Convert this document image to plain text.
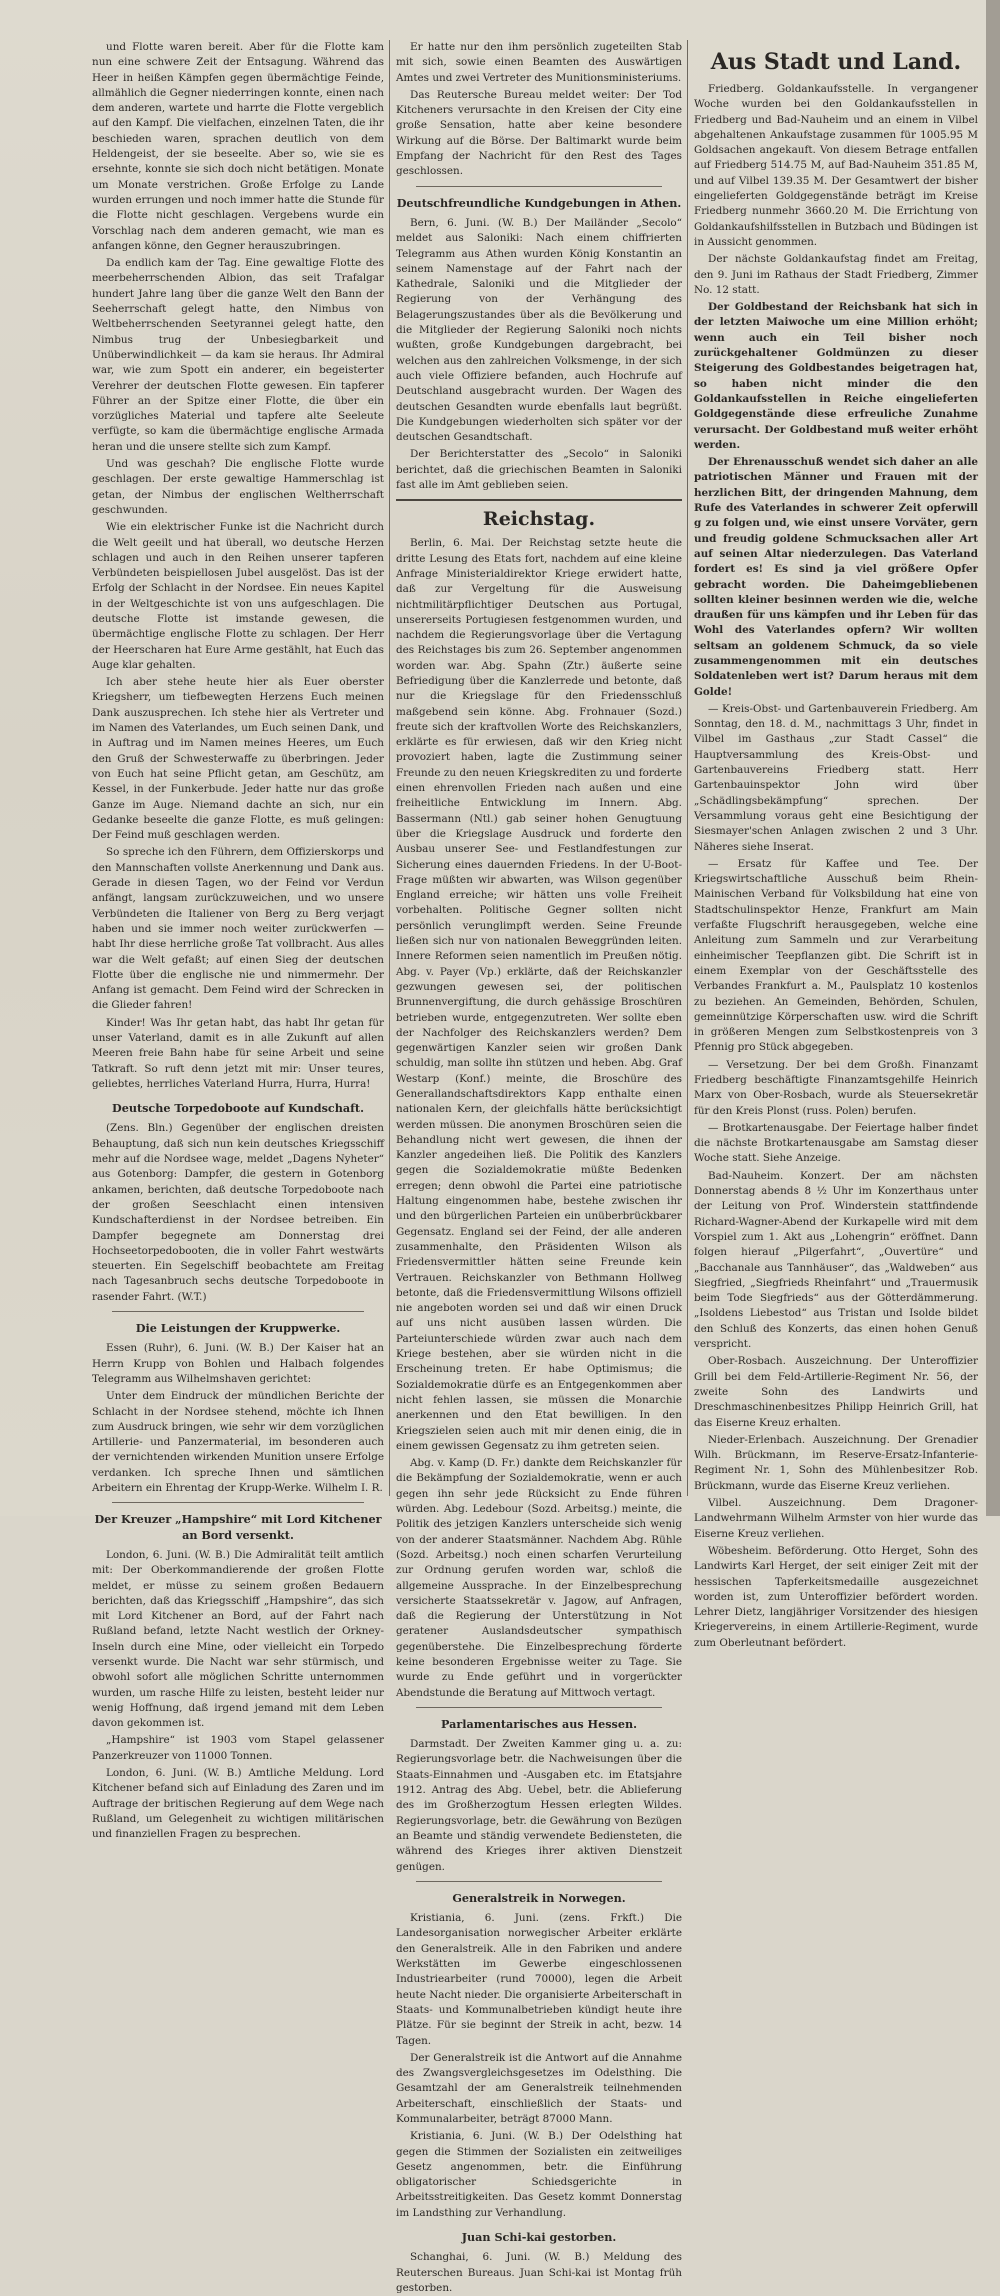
und Flotte waren bereit. Aber für die Flotte kam nun eine schwere Zeit der Entsagung. Während das Heer in heißen Kämpfen gegen übermächtige Feinde, allmählich die Gegner niederringen konnte, einen nach dem anderen, wartete und harrte die Flotte vergeblich auf den Kampf. Die vielfachen, einzelnen Taten, die ihr beschieden waren, sprachen deutlich von dem Heldengeist, der sie beseelte. Aber so, wie sie es ersehnte, konnte sie sich doch nicht betätigen. Monate um Monate verstrichen. Große Erfolge zu Lande wurden errungen und noch immer hatte die Stunde für die Flotte nicht geschlagen. Vergebens wurde ein Vorschlag nach dem anderen gemacht, wie man es anfangen könne, den Gegner herauszubringen.

Da endlich kam der Tag. Eine gewaltige Flotte des meerbeherrschenden Albion, das seit Trafalgar hundert Jahre lang über die ganze Welt den Bann der Seeherrschaft gelegt hatte, den Nimbus von Weltbeherrschenden Seetyrannei gelegt hatte, den Nimbus trug der Unbesiegbarkeit und Unüberwindlichkeit — da kam sie heraus. Ihr Admiral war, wie zum Spott ein anderer, ein begeisterter Verehrer der deutschen Flotte gewesen. Ein tapferer Führer an der Spitze einer Flotte, die über ein vorzügliches Material und tapfere alte Seeleute verfügte, so kam die übermächtige englische Armada heran und die unsere stellte sich zum Kampf.

Und was geschah? Die englische Flotte wurde geschlagen. Der erste gewaltige Hammerschlag ist getan, der Nimbus der englischen Weltherrschaft geschwunden.

Wie ein elektrischer Funke ist die Nachricht durch die Welt geeilt und hat überall, wo deutsche Herzen schlagen und auch in den Reihen unserer tapferen Verbündeten beispiellosen Jubel ausgelöst. Das ist der Erfolg der Schlacht in der Nordsee. Ein neues Kapitel in der Weltgeschichte ist von uns aufgeschlagen. Die deutsche Flotte ist imstande gewesen, die übermächtige englische Flotte zu schlagen. Der Herr der Heerscharen hat Eure Arme gestählt, hat Euch das Auge klar gehalten.

Ich aber stehe heute hier als Euer oberster Kriegsherr, um tiefbewegten Herzens Euch meinen Dank auszusprechen. Ich stehe hier als Vertreter und im Namen des Vaterlandes, um Euch seinen Dank, und in Auftrag und im Namen meines Heeres, um Euch den Gruß der Schwesterwaffe zu überbringen. Jeder von Euch hat seine Pflicht getan, am Geschütz, am Kessel, in der Funkerbude. Jeder hatte nur das große Ganze im Auge. Niemand dachte an sich, nur ein Gedanke beseelte die ganze Flotte, es muß gelingen: Der Feind muß geschlagen werden.

So spreche ich den Führern, dem Offizierskorps und den Mannschaften vollste Anerkennung und Dank aus. Gerade in diesen Tagen, wo der Feind vor Verdun anfängt, langsam zurückzuweichen, und wo unsere Verbündeten die Italiener von Berg zu Berg verjagt haben und sie immer noch weiter zurückwerfen — habt Ihr diese herrliche große Tat vollbracht. Aus alles war die Welt gefaßt; auf einen Sieg der deutschen Flotte über die englische nie und nimmermehr. Der Anfang ist gemacht. Dem Feind wird der Schrecken in die Glieder fahren!

Kinder! Was Ihr getan habt, das habt Ihr getan für unser Vaterland, damit es in alle Zukunft auf allen Meeren freie Bahn habe für seine Arbeit und seine Tatkraft. So ruft denn jetzt mit mir: Unser teures, geliebtes, herrliches Vaterland Hurra, Hurra, Hurra!

Deutsche Torpedoboote auf Kundschaft.

(Zens. Bln.) Gegenüber der englischen dreisten Behauptung, daß sich nun kein deutsches Kriegsschiff mehr auf die Nordsee wage, meldet „Dagens Nyheter“ aus Gotenborg: Dampfer, die gestern in Gotenborg ankamen, berichten, daß deutsche Torpedoboote nach der großen Seeschlacht einen intensiven Kundschafterdienst in der Nordsee betreiben. Ein Dampfer begegnete am Donnerstag drei Hochseetorpedobooten, die in voller Fahrt westwärts steuerten. Ein Segelschiff beobachtete am Freitag nach Tagesanbruch sechs deutsche Torpedoboote in rasender Fahrt. (W.T.)

Die Leistungen der Kruppwerke.

Essen (Ruhr), 6. Juni. (W. B.) Der Kaiser hat an Herrn Krupp von Bohlen und Halbach folgendes Telegramm aus Wilhelmshaven gerichtet:

Unter dem Eindruck der mündlichen Berichte der Schlacht in der Nordsee stehend, möchte ich Ihnen zum Ausdruck bringen, wie sehr wir dem vorzüglichen Artillerie- und Panzermaterial, im besonderen auch der vernichtenden wirkenden Munition unsere Erfolge verdanken. Ich spreche Ihnen und sämtlichen Arbeitern ein Ehrentag der Krupp-Werke. Wilhelm I. R.

Der Kreuzer „Hampshire“ mit Lord Kitchener an Bord versenkt.

London, 6. Juni. (W. B.) Die Admiralität teilt amtlich mit: Der Oberkommandierende der großen Flotte meldet, er müsse zu seinem großen Bedauern berichten, daß das Kriegsschiff „Hampshire“, das sich mit Lord Kitchener an Bord, auf der Fahrt nach Rußland befand, letzte Nacht westlich der Orkney-Inseln durch eine Mine, oder vielleicht ein Torpedo versenkt wurde. Die Nacht war sehr stürmisch, und obwohl sofort alle möglichen Schritte unternommen wurden, um rasche Hilfe zu leisten, besteht leider nur wenig Hoffnung, daß irgend jemand mit dem Leben davon gekommen ist.

„Hampshire“ ist 1903 vom Stapel gelassener Panzerkreuzer von 11000 Tonnen.

London, 6. Juni. (W. B.) Amtliche Meldung. Lord Kitchener befand sich auf Einladung des Zaren und im Auftrage der britischen Regierung auf dem Wege nach Rußland, um Gelegenheit zu wichtigen militärischen und finanziellen Fragen zu besprechen.

Er hatte nur den ihm persönlich zugeteilten Stab mit sich, sowie einen Beamten des Auswärtigen Amtes und zwei Vertreter des Munitionsministeriums.

Das Reutersche Bureau meldet weiter: Der Tod Kitcheners verursachte in den Kreisen der City eine große Sensation, hatte aber keine besondere Wirkung auf die Börse. Der Baltimarkt wurde beim Empfang der Nachricht für den Rest des Tages geschlossen.

Deutschfreundliche Kundgebungen in Athen.

Bern, 6. Juni. (W. B.) Der Mailänder „Secolo“ meldet aus Saloniki: Nach einem chiffrierten Telegramm aus Athen wurden König Konstantin an seinem Namenstage auf der Fahrt nach der Kathedrale, Saloniki und die Mitglieder der Regierung von der Verhängung des Belagerungszustandes über als die Bevölkerung und die Mitglieder der Regierung Saloniki noch nichts wußten, große Kundgebungen dargebracht, bei welchen aus den zahlreichen Volksmenge, in der sich auch viele Offiziere befanden, auch Hochrufe auf Deutschland ausgebracht wurden. Der Wagen des deutschen Gesandten wurde ebenfalls laut begrüßt. Die Kundgebungen wiederholten sich später vor der deutschen Gesandtschaft.

Der Berichterstatter des „Secolo“ in Saloniki berichtet, daß die griechischen Beamten in Saloniki fast alle im Amt geblieben seien.

Reichstag.

Berlin, 6. Mai. Der Reichstag setzte heute die dritte Lesung des Etats fort, nachdem auf eine kleine Anfrage Ministerialdirektor Kriege erwidert hatte, daß zur Vergeltung für die Ausweisung nichtmilitärpflichtiger Deutschen aus Portugal, unsererseits Portugiesen festgenommen wurden, und nachdem die Regierungsvorlage über die Vertagung des Reichstages bis zum 26. September angenommen worden war. Abg. Spahn (Ztr.) äußerte seine Befriedigung über die Kanzlerrede und betonte, daß nur die Kriegslage für den Friedensschluß maßgebend sein könne. Abg. Frohnauer (Sozd.) freute sich der kraftvollen Worte des Reichskanzlers, erklärte es für erwiesen, daß wir den Krieg nicht provoziert haben, lagte die Zustimmung seiner Freunde zu den neuen Kriegskrediten zu und forderte einen ehrenvollen Frieden nach außen und eine freiheitliche Entwicklung im Innern. Abg. Bassermann (Ntl.) gab seiner hohen Genugtuung über die Kriegslage Ausdruck und forderte den Ausbau unserer See- und Festlandfestungen zur Sicherung eines dauernden Friedens. In der U-Boot-Frage müßten wir abwarten, was Wilson gegenüber England erreiche; wir hätten uns volle Freiheit vorbehalten. Politische Gegner sollten nicht persönlich verunglimpft werden. Seine Freunde ließen sich nur von nationalen Beweggründen leiten. Innere Reformen seien namentlich im Preußen nötig. Abg. v. Payer (Vp.) erklärte, daß der Reichskanzler gezwungen gewesen sei, der politischen Brunnenvergiftung, die durch gehässige Broschüren betrieben wurde, entgegenzutreten. Wer sollte eben der Nachfolger des Reichskanzlers werden? Dem gegenwärtigen Kanzler seien wir großen Dank schuldig, man sollte ihn stützen und heben. Abg. Graf Westarp (Konf.) meinte, die Broschüre des Generallandschaftsdirektors Kapp enthalte einen nationalen Kern, der gleichfalls hätte berücksichtigt werden müssen. Die anonymen Broschüren seien die Behandlung nicht wert gewesen, die ihnen der Kanzler angedeihen ließ. Die Politik des Kanzlers gegen die Sozialdemokratie müßte Bedenken erregen; denn obwohl die Partei eine patriotische Haltung eingenommen habe, bestehe zwischen ihr und den bürgerlichen Parteien ein unüberbrückbarer Gegensatz. England sei der Feind, der alle anderen zusammenhalte, den Präsidenten Wilson als Friedensvermittler hätten seine Freunde kein Vertrauen. Reichskanzler von Bethmann Hollweg betonte, daß die Friedensvermittlung Wilsons offiziell nie angeboten worden sei und daß wir einen Druck auf uns nicht ausüben lassen würden. Die Parteiunterschiede würden zwar auch nach dem Kriege bestehen, aber sie würden nicht in die Erscheinung treten. Er habe Optimismus; die Sozialdemokratie dürfe es an Entgegenkommen aber nicht fehlen lassen, sie müssen die Monarchie anerkennen und den Etat bewilligen. In den Kriegszielen seien auch mit mir denen einig, die in einem gewissen Gegensatz zu ihm getreten seien.

Abg. v. Kamp (D. Fr.) dankte dem Reichskanzler für die Bekämpfung der Sozialdemokratie, wenn er auch gegen ihn sehr jede Rücksicht zu Ende führen würden. Abg. Ledebour (Sozd. Arbeitsg.) meinte, die Politik des jetzigen Kanzlers unterscheide sich wenig von der anderer Staatsmänner. Nachdem Abg. Rühle (Sozd. Arbeitsg.) noch einen scharfen Verurteilung zur Ordnung gerufen worden war, schloß die allgemeine Aussprache. In der Einzelbesprechung versicherte Staatssekretär v. Jagow, auf Anfragen, daß die Regierung der Unterstützung in Not geratener Auslandsdeutscher sympathisch gegenüberstehe. Die Einzelbesprechung förderte keine besonderen Ergebnisse weiter zu Tage. Sie wurde zu Ende geführt und in vorgerückter Abendstunde die Beratung auf Mittwoch vertagt.

Parlamentarisches aus Hessen.

Darmstadt. Der Zweiten Kammer ging u. a. zu: Regierungsvorlage betr. die Nachweisungen über die Staats-Einnahmen und -Ausgaben etc. im Etatsjahre 1912. Antrag des Abg. Uebel, betr. die Ablieferung des im Großherzogtum Hessen erlegten Wildes. Regierungsvorlage, betr. die Gewährung von Bezügen an Beamte und ständig verwendete Bediensteten, die während des Krieges ihrer aktiven Dienstzeit genügen.

Generalstreik in Norwegen.

Kristiania, 6. Juni. (zens. Frkft.) Die Landesorganisation norwegischer Arbeiter erklärte den Generalstreik. Alle in den Fabriken und andere Werkstätten im Gewerbe eingeschlossenen Industriearbeiter (rund 70000), legen die Arbeit heute Nacht nieder. Die organisierte Arbeiterschaft in Staats- und Kommunalbetrieben kündigt heute ihre Plätze. Für sie beginnt der Streik in acht, bezw. 14 Tagen.

Der Generalstreik ist die Antwort auf die Annahme des Zwangsvergleichsgesetzes im Odelsthing. Die Gesamtzahl der am Generalstreik teilnehmenden Arbeiterschaft, einschließlich der Staats- und Kommunalarbeiter, beträgt 87000 Mann.

Kristiania, 6. Juni. (W. B.) Der Odelsthing hat gegen die Stimmen der Sozialisten ein zeitweiliges Gesetz angenommen, betr. die Einführung obligatorischer Schiedsgerichte in Arbeitsstreitigkeiten. Das Gesetz kommt Donnerstag im Landsthing zur Verhandlung.

Juan Schi-kai gestorben.

Schanghai, 6. Juni. (W. B.) Meldung des Reuterschen Bureaus. Juan Schi-kai ist Montag früh gestorben.

Aus Stadt und Land.

Friedberg. Goldankaufsstelle. In vergangener Woche wurden bei den Goldankaufsstellen in Friedberg und Bad-Nauheim und an einem in Vilbel abgehaltenen Ankaufstage zusammen für 1005.95 M Goldsachen angekauft. Von diesem Betrage entfallen auf Friedberg 514.75 M, auf Bad-Nauheim 351.85 M, und auf Vilbel 139.35 M. Der Gesamtwert der bisher eingelieferten Goldgegenstände beträgt im Kreise Friedberg nunmehr 3660.20 M. Die Errichtung von Goldankaufshilfsstellen in Butzbach und Büdingen ist in Aussicht genommen.

Der nächste Goldankaufstag findet am Freitag, den 9. Juni im Rathaus der Stadt Friedberg, Zimmer No. 12 statt.

Der Goldbestand der Reichsbank hat sich in der letzten Maiwoche um eine Million erhöht; wenn auch ein Teil bisher noch zurückgehaltener Goldmünzen zu dieser Steigerung des Goldbestandes beigetragen hat, so haben nicht minder die den Goldankaufsstellen in Reiche eingelieferten Goldgegenstände diese erfreuliche Zunahme verursacht. Der Goldbestand muß weiter erhöht werden.

Der Ehrenausschuß wendet sich daher an alle patriotischen Männer und Frauen mit der herzlichen Bitt, der dringenden Mahnung, dem Rufe des Vaterlandes in schwerer Zeit opferwill g zu folgen und, wie einst unsere Vorväter, gern und freudig goldene Schmucksachen aller Art auf seinen Altar niederzulegen. Das Vaterland fordert es! Es sind ja viel größere Opfer gebracht worden. Die Daheimgebliebenen sollten kleiner besinnen werden wie die, welche draußen für uns kämpfen und ihr Leben für das Wohl des Vaterlandes opfern? Wir wollten seltsam an goldenem Schmuck, da so viele zusammengenommen mit ein deutsches Soldatenleben wert ist? Darum heraus mit dem Golde!

— Kreis-Obst- und Gartenbauverein Friedberg. Am Sonntag, den 18. d. M., nachmittags 3 Uhr, findet in Vilbel im Gasthaus „zur Stadt Cassel“ die Hauptversammlung des Kreis-Obst- und Gartenbauvereins Friedberg statt. Herr Gartenbauinspektor John wird über „Schädlingsbekämpfung“ sprechen. Der Versammlung voraus geht eine Besichtigung der Siesmayer'schen Anlagen zwischen 2 und 3 Uhr. Näheres siehe Inserat.

— Ersatz für Kaffee und Tee. Der Kriegswirtschaftliche Ausschuß beim Rhein-Mainischen Verband für Volksbildung hat eine von Stadtschulinspektor Henze, Frankfurt am Main verfaßte Flugschrift herausgegeben, welche eine Anleitung zum Sammeln und zur Verarbeitung einheimischer Teepflanzen gibt. Die Schrift ist in einem Exemplar von der Geschäftsstelle des Verbandes Frankfurt a. M., Paulsplatz 10 kostenlos zu beziehen. An Gemeinden, Behörden, Schulen, gemeinnützige Körperschaften usw. wird die Schrift in größeren Mengen zum Selbstkostenpreis von 3 Pfennig pro Stück abgegeben.

— Versetzung. Der bei dem Großh. Finanzamt Friedberg beschäftigte Finanzamtsgehilfe Heinrich Marx von Ober-Rosbach, wurde als Steuersekretär für den Kreis Plonst (russ. Polen) berufen.

— Brotkartenausgabe. Der Feiertage halber findet die nächste Brotkartenausgabe am Samstag dieser Woche statt. Siehe Anzeige.

Bad-Nauheim. Konzert. Der am nächsten Donnerstag abends 8 ½ Uhr im Konzerthaus unter der Leitung von Prof. Winderstein stattfindende Richard-Wagner-Abend der Kurkapelle wird mit dem Vorspiel zum 1. Akt aus „Lohengrin“ eröffnet. Dann folgen hierauf „Pilgerfahrt“, „Ouvertüre“ und „Bacchanale aus Tannhäuser“, das „Waldweben“ aus Siegfried, „Siegfrieds Rheinfahrt“ und „Trauermusik beim Tode Siegfrieds“ aus der Götterdämmerung. „Isoldens Liebestod“ aus Tristan und Isolde bildet den Schluß des Konzerts, das einen hohen Genuß verspricht.

Ober-Rosbach. Auszeichnung. Der Unteroffizier Grill bei dem Feld-Artillerie-Regiment Nr. 56, der zweite Sohn des Landwirts und Dreschmaschinenbesitzes Philipp Heinrich Grill, hat das Eiserne Kreuz erhalten.

Nieder-Erlenbach. Auszeichnung. Der Grenadier Wilh. Brückmann, im Reserve-Ersatz-Infanterie-Regiment Nr. 1, Sohn des Mühlenbesitzer Rob. Brückmann, wurde das Eiserne Kreuz verliehen.

Vilbel. Auszeichnung. Dem Dragoner-Landwehrmann Wilhelm Armster von hier wurde das Eiserne Kreuz verliehen.

Wöbesheim. Beförderung. Otto Herget, Sohn des Landwirts Karl Herget, der seit einiger Zeit mit der hessischen Tapferkeitsmedaille ausgezeichnet worden ist, zum Unteroffizier befördert worden. Lehrer Dietz, langjähriger Vorsitzender des hiesigen Kriegervereins, in einem Artillerie-Regiment, wurde zum Oberleutnant befördert.
